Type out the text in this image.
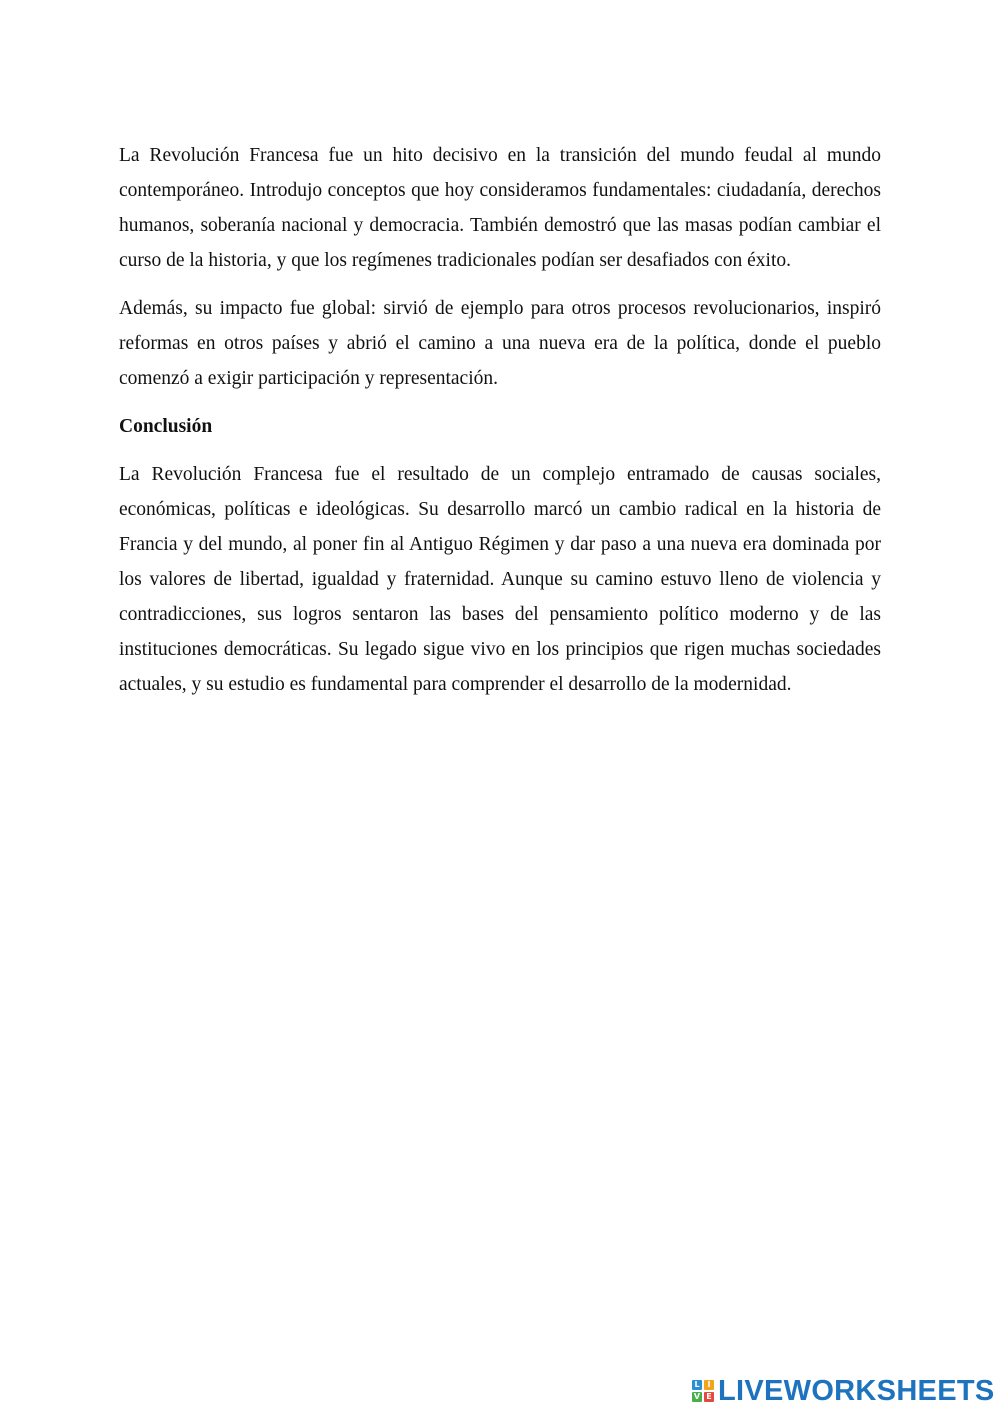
La Revolución Francesa fue un hito decisivo en la transición del mundo feudal al mundo contemporáneo. Introdujo conceptos que hoy consideramos fundamentales: ciudadanía, derechos humanos, soberanía nacional y democracia. También demostró que las masas podían cambiar el curso de la historia, y que los regímenes tradicionales podían ser desafiados con éxito.

Además, su impacto fue global: sirvió de ejemplo para otros procesos revolucionarios, inspiró reformas en otros países y abrió el camino a una nueva era de la política, donde el pueblo comenzó a exigir participación y representación.

Conclusión

La Revolución Francesa fue el resultado de un complejo entramado de causas sociales, económicas, políticas e ideológicas. Su desarrollo marcó un cambio radical en la historia de Francia y del mundo, al poner fin al Antiguo Régimen y dar paso a una nueva era dominada por los valores de libertad, igualdad y fraternidad. Aunque su camino estuvo lleno de violencia y contradicciones, sus logros sentaron las bases del pensamiento político moderno y de las instituciones democráticas. Su legado sigue vivo en los principios que rigen muchas sociedades actuales, y su estudio es fundamental para comprender el desarrollo de la modernidad.

L I
V E LIVEWORKSHEETS
